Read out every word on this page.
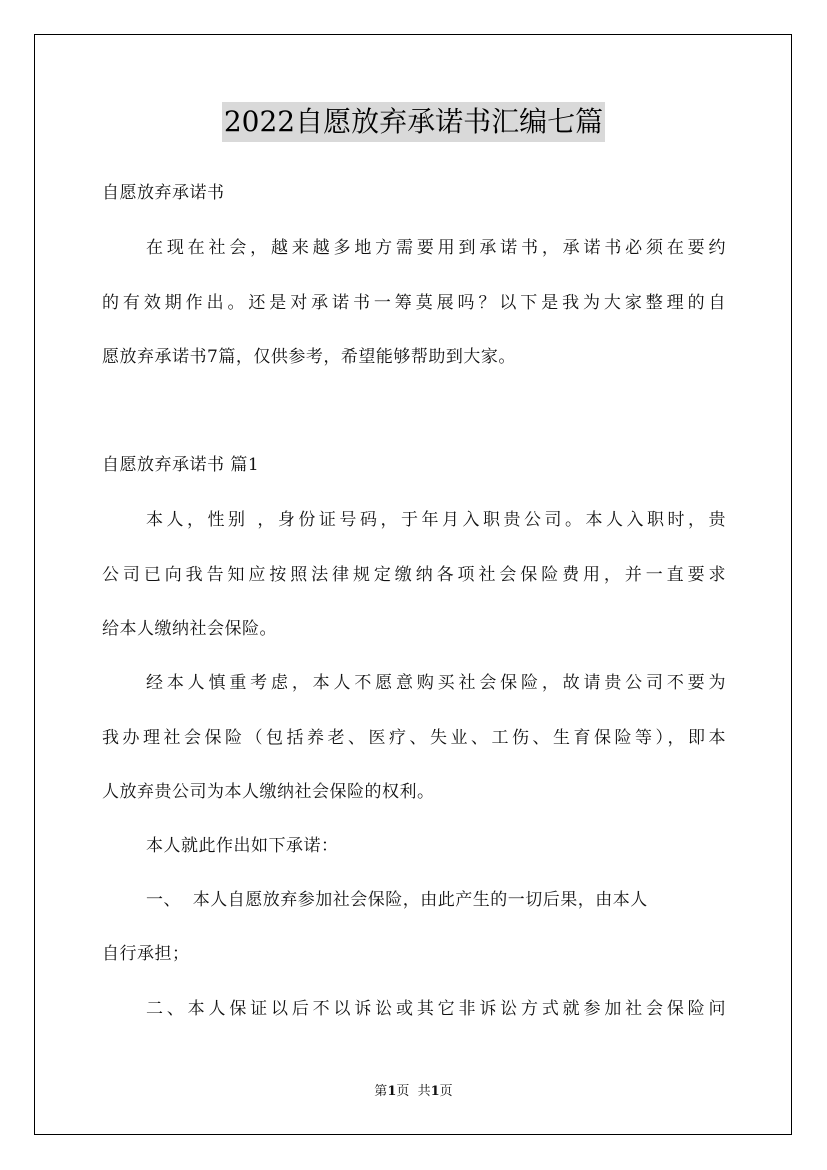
2022自愿放弃承诺书汇编七篇
自愿放弃承诺书
在现在社会，越来越多地方需要用到承诺书，承诺书必须在要约
的有效期作出。还是对承诺书一筹莫展吗？以下是我为大家整理的自
愿放弃承诺书7篇，仅供参考，希望能够帮助到大家。
自愿放弃承诺书 篇1
本人，性别 ，身份证号码，于年月入职贵公司。本人入职时，贵
公司已向我告知应按照法律规定缴纳各项社会保险费用，并一直要求
给本人缴纳社会保险。
经本人慎重考虑，本人不愿意购买社会保险，故请贵公司不要为
我办理社会保险（包括养老、医疗、失业、工伤、生育保险等），即本
人放弃贵公司为本人缴纳社会保险的权利。
本人就此作出如下承诺：
一、  本人自愿放弃参加社会保险，由此产生的一切后果，由本人
自行承担；
二、本人保证以后不以诉讼或其它非诉讼方式就参加社会保险问
第1页  共1页
